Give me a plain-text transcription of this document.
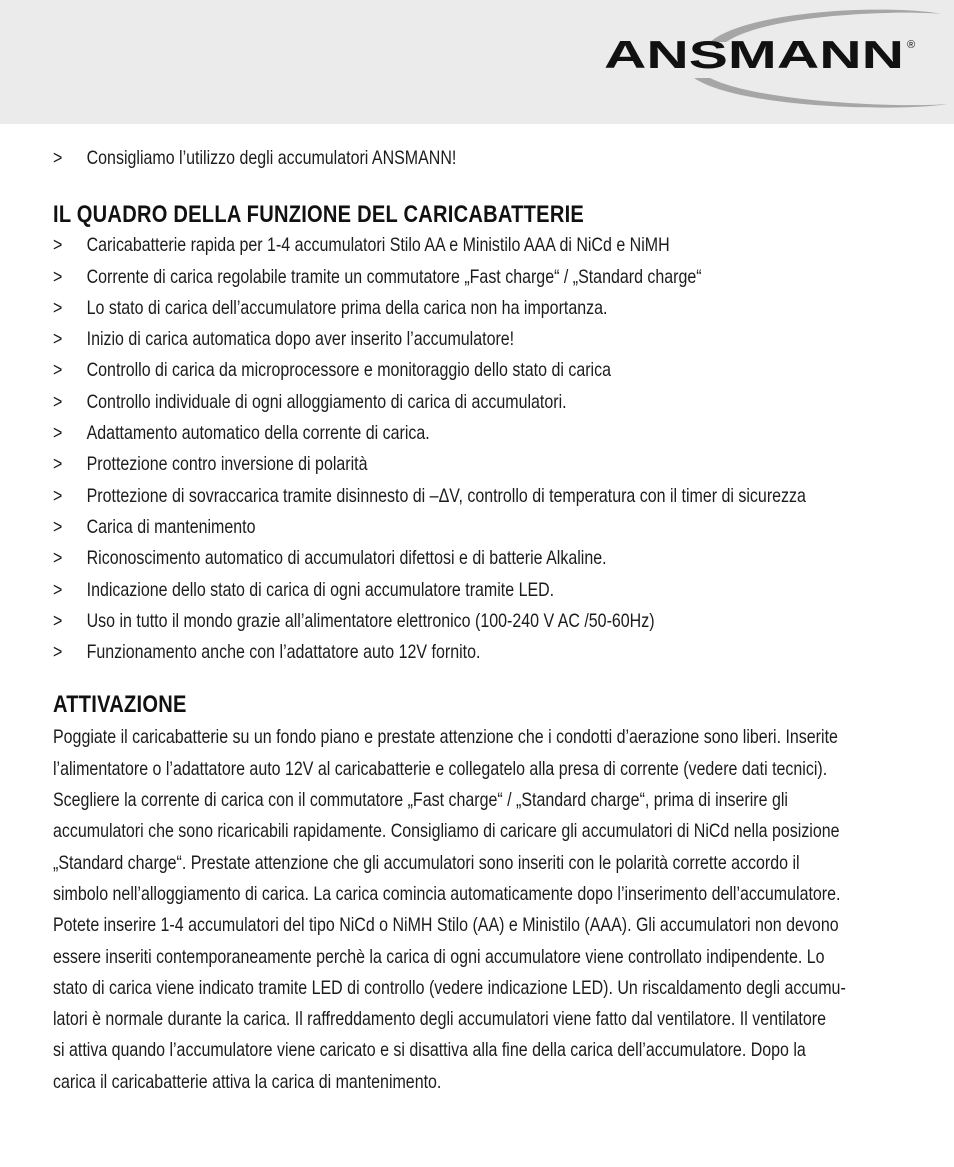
ANSMANN ®
>	Consigliamo l’utilizzo degli accumulatori ANSMANN!
IL QUADRO DELLA FUNZIONE DEL CARICABATTERIE
>	Caricabatterie rapida per 1-4 accumulatori Stilo AA e Ministilo AAA di NiCd e NiMH
>	Corrente di carica regolabile tramite un commutatore „Fast charge“ / „Standard charge“
>	Lo stato di carica dell’accumulatore prima della carica non ha importanza.
>	Inizio di carica automatica dopo aver inserito l’accumulatore!
>	Controllo di carica da microprocessore e monitoraggio dello stato di carica
>	Controllo individuale di ogni alloggiamento di carica di accumulatori.
>	Adattamento automatico della corrente di carica.
>	Prottezione contro inversione di polarità
>	Prottezione di sovraccarica tramite disinnesto di –ΔV, controllo di temperatura con il timer di sicurezza
>	Carica di mantenimento
>	Riconoscimento automatico di accumulatori difettosi e di batterie Alkaline.
>	Indicazione dello stato di carica di ogni accumulatore tramite LED.
>	Uso in tutto il mondo grazie all’alimentatore elettronico (100-240 V AC /50-60Hz)
>	Funzionamento anche con l’adattatore auto 12V fornito.
ATTIVAZIONE
Poggiate il caricabatterie su un fondo piano e prestate attenzione che i condotti d’aerazione sono liberi. Inserite
l’alimentatore o l’adattatore auto 12V al caricabatterie e collegatelo alla presa di corrente (vedere dati tecnici).
Scegliere la corrente di carica con il commutatore „Fast charge“ / „Standard charge“, prima di inserire gli
accumulatori che sono ricaricabili rapidamente. Consigliamo di caricare gli accumulatori di NiCd nella posizione
„Standard charge“. Prestate attenzione che gli accumulatori sono inseriti con le polarità corrette accordo il
simbolo nell’alloggiamento di carica. La carica comincia automaticamente dopo l’inserimento dell’accumulatore.
Potete inserire 1-4 accumulatori del tipo NiCd o NiMH Stilo (AA) e Ministilo (AAA). Gli accumulatori non devono
essere inseriti contemporaneamente perchè la carica di ogni accumulatore viene controllato indipendente. Lo
stato di carica viene indicato tramite LED di controllo (vedere indicazione LED). Un riscaldamento degli accumu-
latori è normale durante la carica. Il raffreddamento degli accumulatori viene fatto dal ventilatore. Il ventilatore
si attiva quando l’accumulatore viene caricato e si disattiva alla fine della carica dell’accumulatore. Dopo la
carica il caricabatterie attiva la carica di mantenimento.
